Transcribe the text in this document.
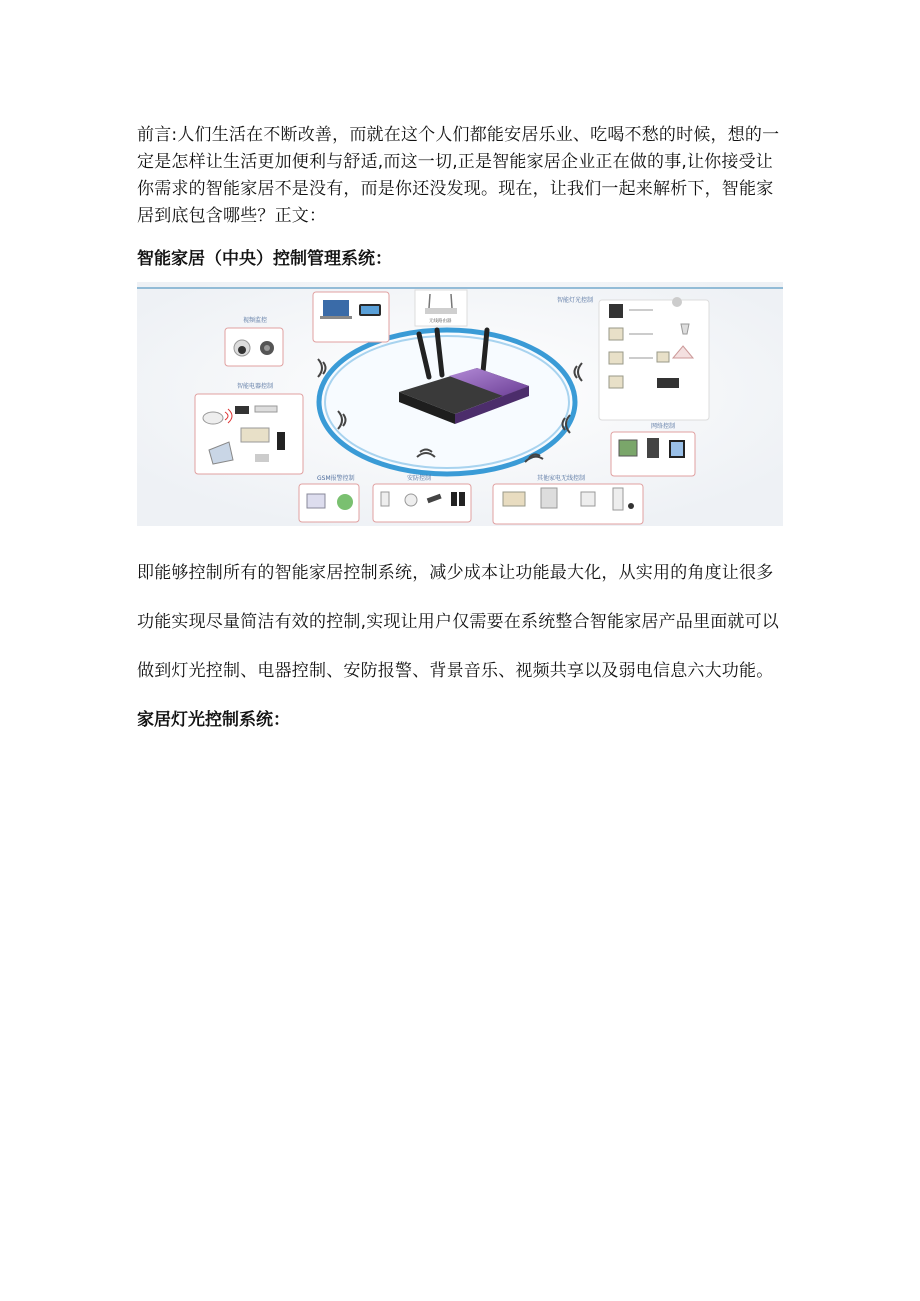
前言:人们生活在不断改善，而就在这个人们都能安居乐业、吃喝不愁的时候，想的一定是怎样让生活更加便利与舒适,而这一切,正是智能家居企业正在做的事,让你接受让你需求的智能家居不是没有，而是你还没发现。现在，让我们一起来解析下，智能家居到底包含哪些？正文：
智能家居（中央）控制管理系统：
无线路由器
视频监控
智能电器控制
GSM报警控制	安防控制	其他家电无线控制
智能灯光控制
网络控制
即能够控制所有的智能家居控制系统，减少成本让功能最大化，从实用的角度让很多功能实现尽量简洁有效的控制,实现让用户仅需要在系统整合智能家居产品里面就可以做到灯光控制、电器控制、安防报警、背景音乐、视频共享以及弱电信息六大功能。
家居灯光控制系统：
